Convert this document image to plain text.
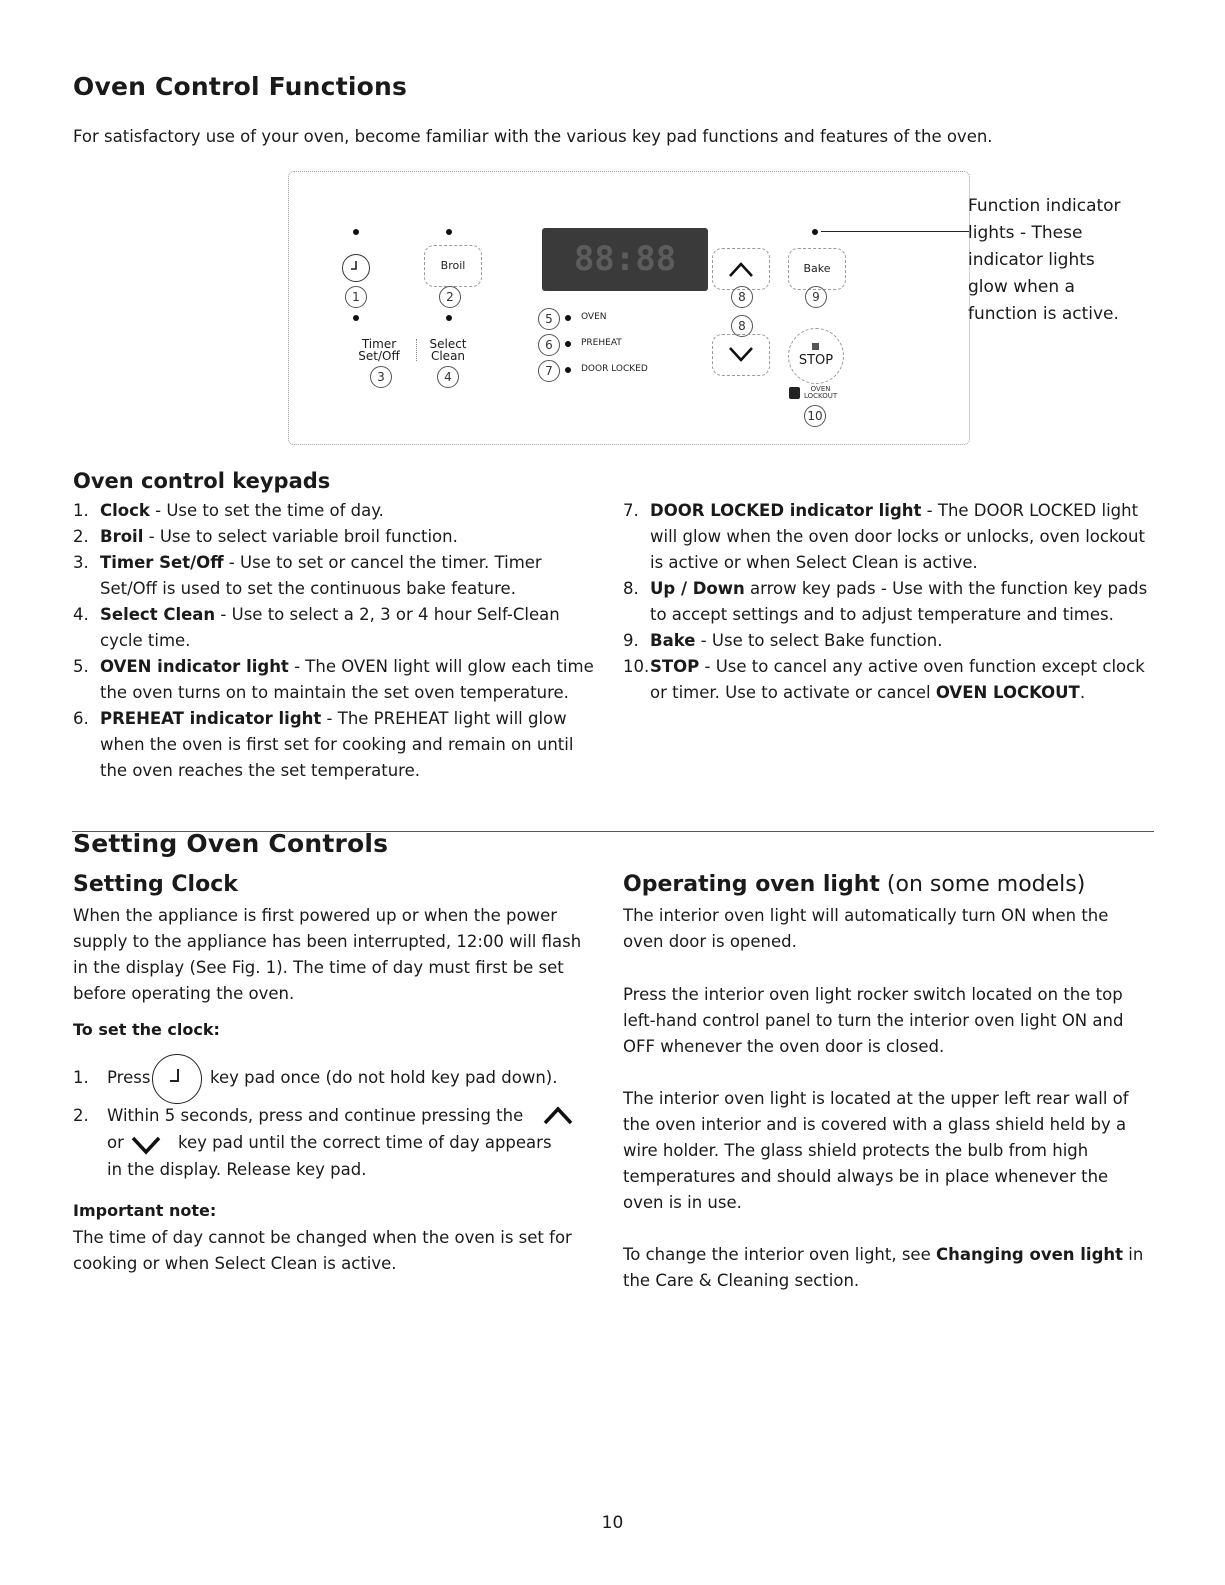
Oven Control Functions
For satisfactory use of your oven, become familiar with the various key pad functions and features of the oven.
1
Broil
2
Timer
Set/Off
Select
Clean
3	4
88:88
5	OVEN
6	PREHEAT
7	DOOR LOCKED
8
8
Bake
9
STOP
OVEN
LOCKOUT
10
Function indicator
lights - These
indicator lights
glow when a
function is active.
Oven control keypads
1. Clock - Use to set the time of day.
2. Broil - Use to select variable broil function.
3. Timer Set/Off - Use to set or cancel the timer. Timer Set/Off is used to set the continuous bake feature.
4. Select Clean - Use to select a 2, 3 or 4 hour Self-Clean cycle time.
5. OVEN indicator light - The OVEN light will glow each time the oven turns on to maintain the set oven temperature.
6. PREHEAT indicator light - The PREHEAT light will glow when the oven is first set for cooking and remain on until the oven reaches the set temperature.
7. DOOR LOCKED indicator light - The DOOR LOCKED light will glow when the oven door locks or unlocks, oven lockout is active or when Select Clean is active.
8. Up / Down arrow key pads - Use with the function key pads to accept settings and to adjust temperature and times.
9. Bake - Use to select Bake function.
10. STOP - Use to cancel any active oven function except clock or timer. Use to activate or cancel OVEN LOCKOUT.
Setting Oven Controls
Setting Clock
When the appliance is first powered up or when the power supply to the appliance has been interrupted, 12:00 will flash in the display (See Fig. 1). The time of day must first be set before operating the oven.
To set the clock:
1. Press	key pad once (do not hold key pad down).
2. Within 5 seconds, press and continue pressing the
or	key pad until the correct time of day appears
in the display. Release key pad.
Important note:
The time of day cannot be changed when the oven is set for cooking or when Select Clean is active.
Operating oven light (on some models)
The interior oven light will automatically turn ON when the oven door is opened.
Press the interior oven light rocker switch located on the top left-hand control panel to turn the interior oven light ON and OFF whenever the oven door is closed.
The interior oven light is located at the upper left rear wall of the oven interior and is covered with a glass shield held by a wire holder. The glass shield protects the bulb from high temperatures and should always be in place whenever the oven is in use.
To change the interior oven light, see Changing oven light in the Care & Cleaning section.
10
